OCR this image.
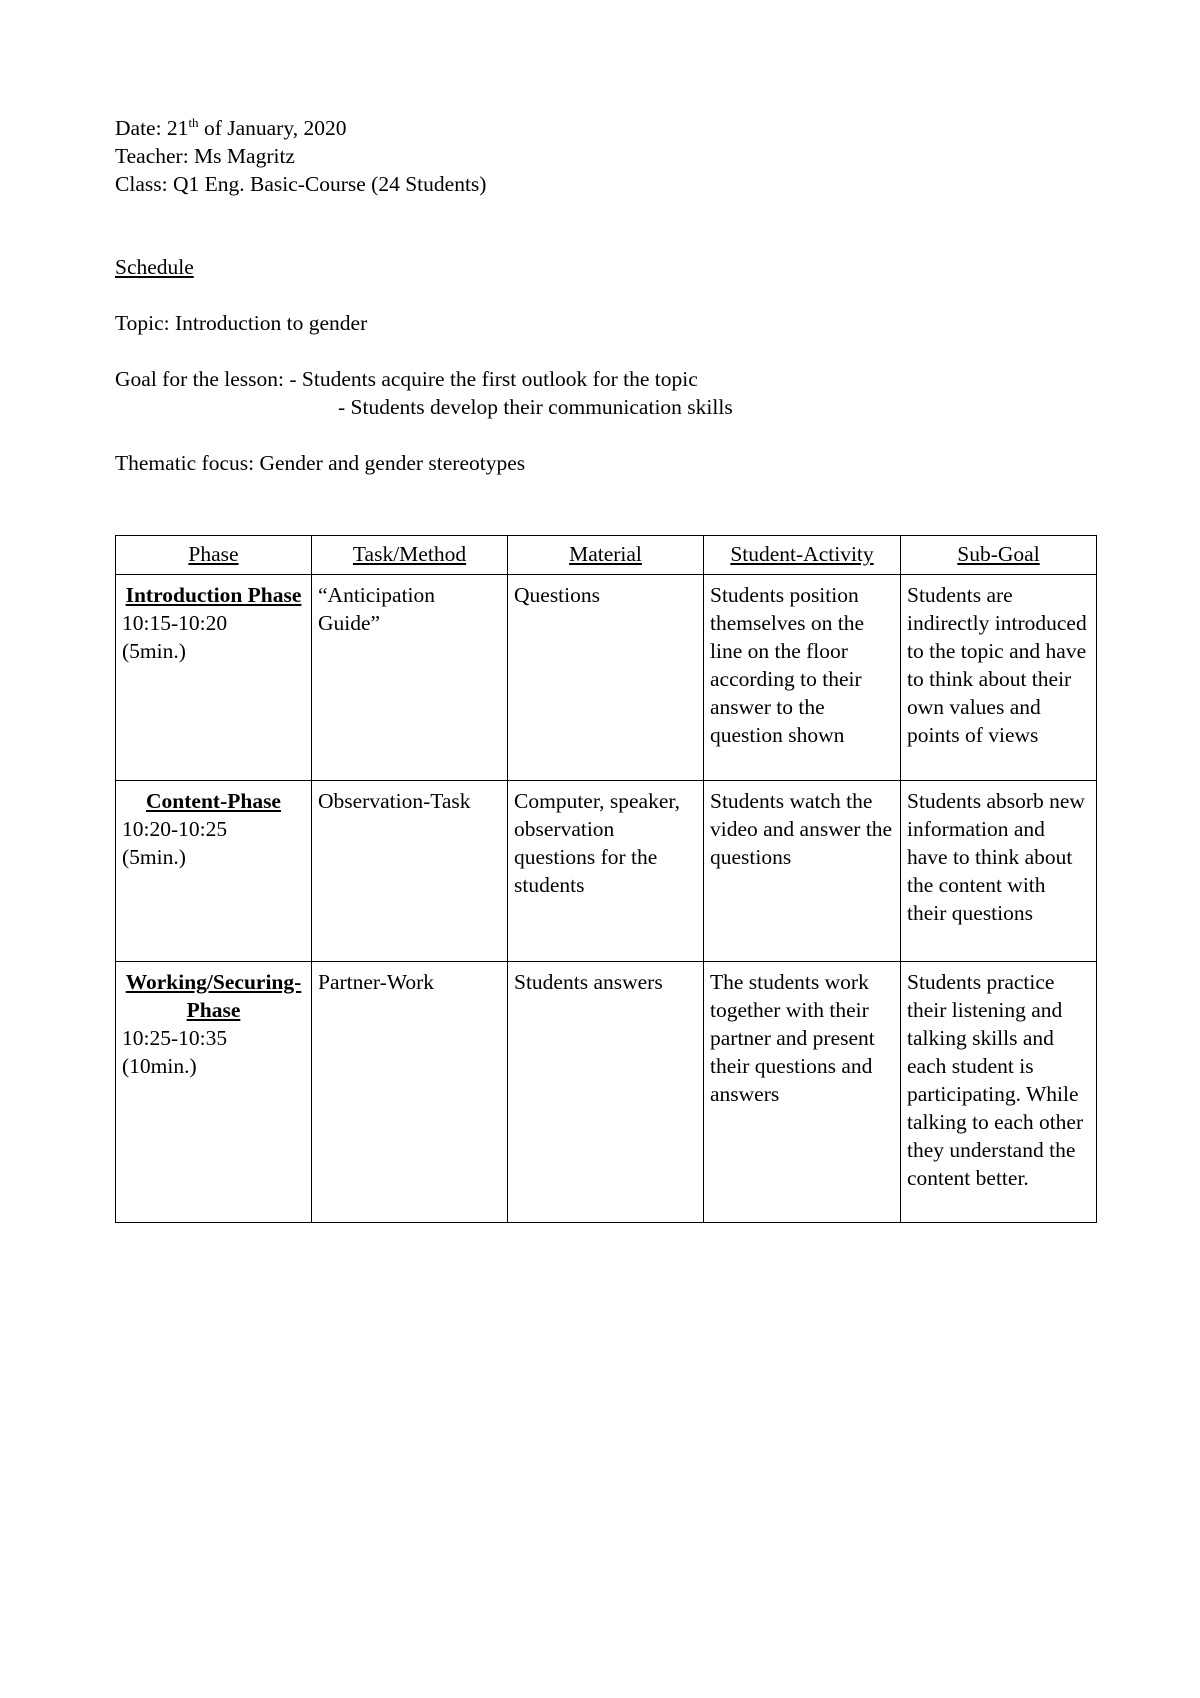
Date: 21th of January, 2020
Teacher: Ms Magritz
Class: Q1 Eng. Basic-Course (24 Students)
Schedule
Topic: Introduction to gender
Goal for the lesson: - Students acquire the first outlook for the topic
- Students develop their communication skills
Thematic focus: Gender and gender stereotypes
Phase	Task/Method	Material	Student-Activity	Sub-Goal

Introduction Phase
10:15-10:20
(5min.)	“Anticipation Guide”	Questions	Students position themselves on the line on the floor according to their answer to the question shown	Students are indirectly introduced to the topic and have to think about their own values and points of views

Content-Phase
10:20-10:25
(5min.)	Observation-Task	Computer, speaker, observation questions for the students	Students watch the video and answer the questions	Students absorb new information and have to think about the content with their questions

Working/Securing-Phase
10:25-10:35
(10min.)	Partner-Work	Students answers	The students work together with their partner and present their questions and answers	Students practice their listening and talking skills and each student is participating. While talking to each other they understand the content better.
